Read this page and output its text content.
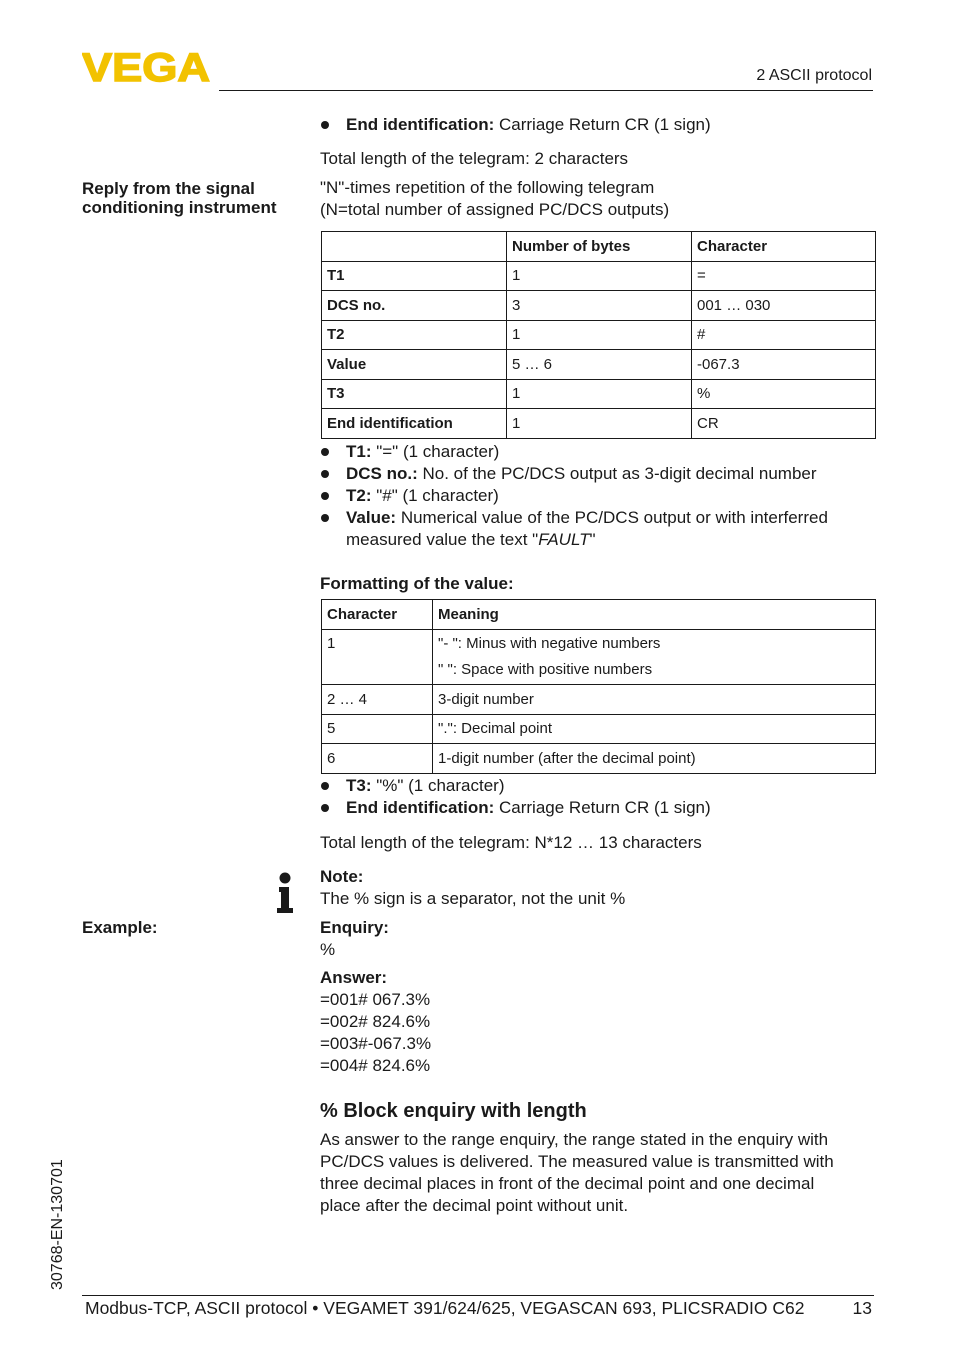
VEGA	2 ASCII protocol
End identification: Carriage Return CR (1 sign)
Total length of the telegram: 2 characters
Reply from the signal
conditioning instrument
"N"-times repetition of the following telegram
(N=total number of assigned PC/DCS outputs)
	Number of bytes	Character
T1	1	=
DCS no.	3	001 … 030
T2	1	#
Value	5 … 6	-067.3
T3	1	%
End identification	1	CR
T1: "=" (1 character)
DCS no.: No. of the PC/DCS output as 3-digit decimal number
T2: "#" (1 character)
Value: Numerical value of the PC/DCS output or with interferred measured value the text "FAULT"
Formatting of the value:
Character	Meaning
1	"- ": Minus with negative numbers
" ": Space with positive numbers

2 … 4	3-digit number
5	".": Decimal point
6	1-digit number (after the decimal point)
T3: "%" (1 character)
End identification: Carriage Return CR (1 sign)
Total length of the telegram: N*12 … 13 characters
Note:
The % sign is a separator, not the unit %
Example:	Enquiry:
%
Answer:
=001# 067.3%
=002# 824.6%
=003#-067.3%
=004# 824.6%
% Block enquiry with length
As answer to the range enquiry, the range stated in the enquiry with
PC/DCS values is delivered. The measured value is transmitted with
three decimal places in front of the decimal point and one decimal
place after the decimal point without unit.
30768-EN-130701
Modbus-TCP, ASCII protocol • VEGAMET 391/624/625, VEGASCAN 693, PLICSRADIO C62	13
